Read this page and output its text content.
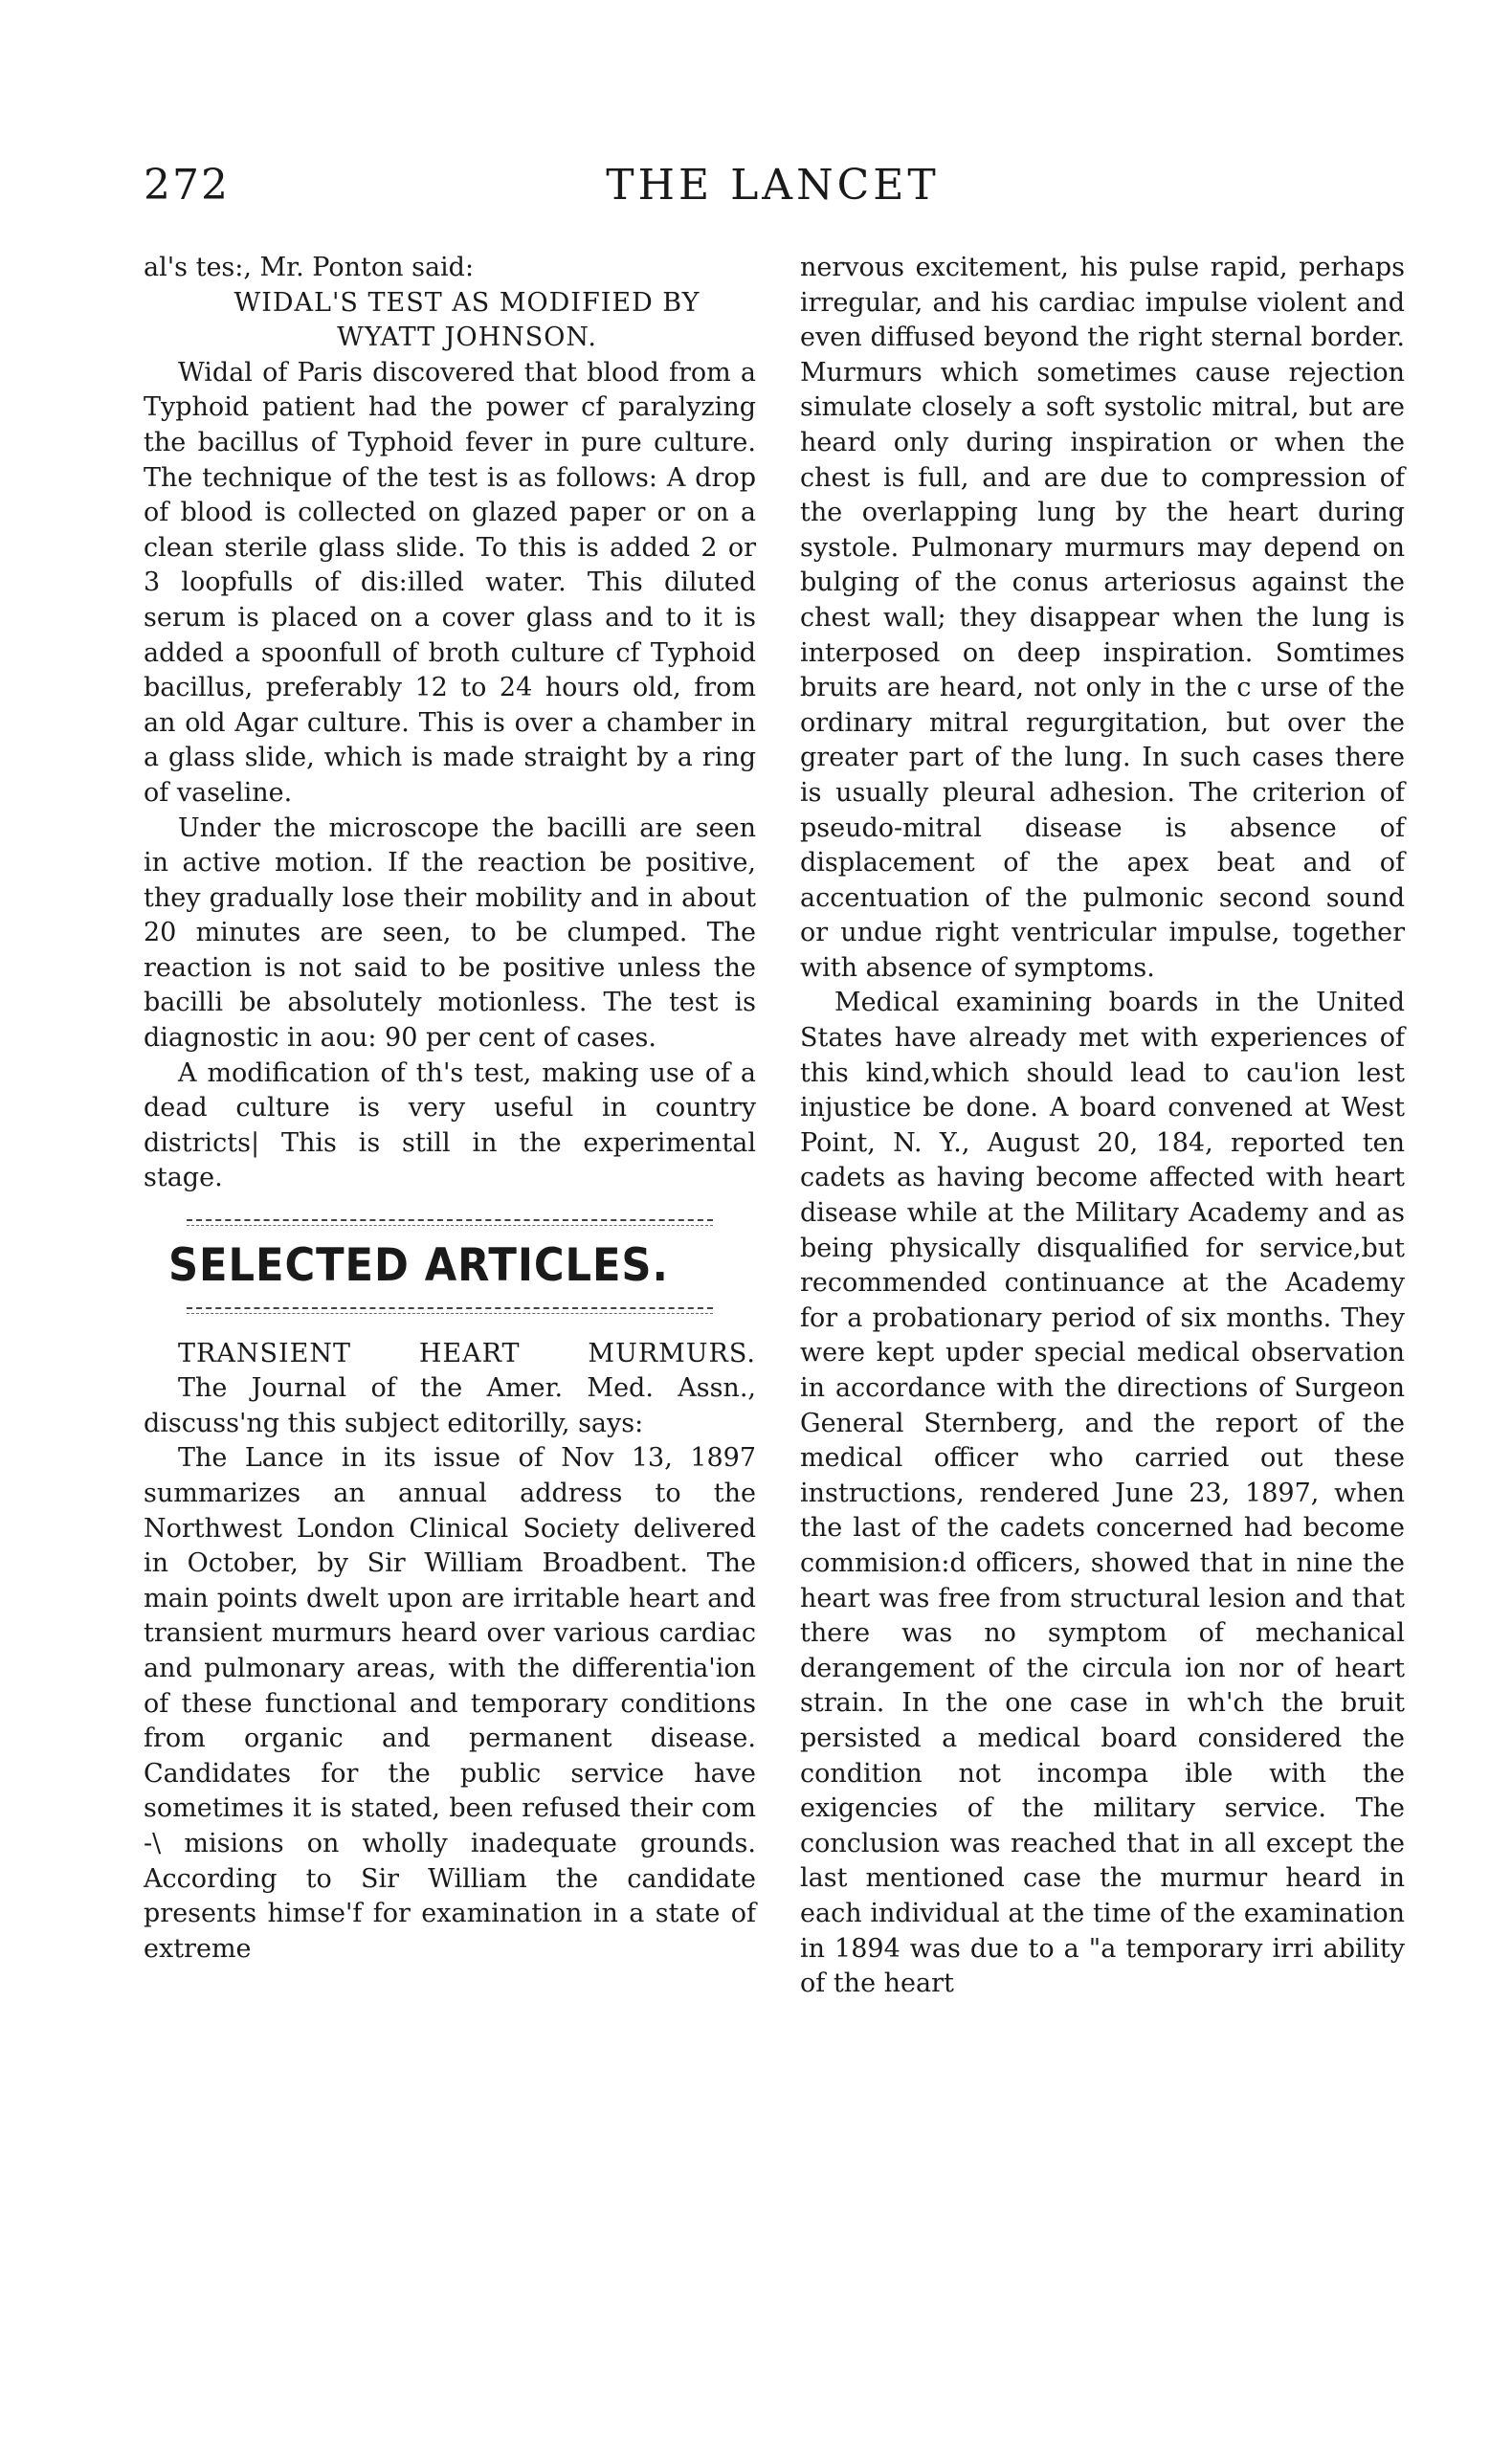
272	THE LANCET

al's tes:, Mr. Ponton said:

WIDAL'S TEST AS MODIFIED BY

WYATT JOHNSON.

Widal of Paris discovered that blood from a Typhoid patient had the power cf paralyzing the bacillus of Typhoid fever in pure culture. The technique of the test is as follows: A drop of blood is collected on glazed paper or on a clean sterile glass slide. To this is added 2 or 3 loopfulls of dis:illed water. This diluted serum is placed on a cover glass and to it is added a spoonfull of broth culture cf Typhoid bacillus, preferably 12 to 24 hours old, from an old Agar culture. This is over a chamber in a glass slide, which is made straight by a ring of vaseline.

Under the microscope the bacilli are seen in active motion. If the reaction be positive, they gradually lose their mobility and in about 20 minutes are seen, to be clumped. The reaction is not said to be positive unless the bacilli be absolutely motionless. The test is diagnostic in aou: 90 per cent of cases.

A modification of th's test, making use of a dead culture is very useful in country districts| This is still in the experimental stage.

SELECTED ARTICLES.

TRANSIENT HEART MURMURS.

The Journal of the Amer. Med. Assn., discuss'ng this subject editorilly, says:

The Lance in its issue of Nov 13, 1897 summarizes an annual address to the Northwest London Clinical Society delivered in October, by Sir William Broadbent. The main points dwelt upon are irritable heart and transient murmurs heard over various cardiac and pulmonary areas, with the differentia'ion of these functional and temporary conditions from organic and permanent disease. Candidates for the public service have sometimes it is stated, been refused their com -\ misions on wholly inadequate grounds. According to Sir William the candidate presents himse'f for examination in a state of extreme

nervous excitement, his pulse rapid, perhaps irregular, and his cardiac impulse violent and even diffused beyond the right sternal border. Murmurs which sometimes cause rejection simulate closely a soft systolic mitral, but are heard only during inspiration or when the chest is full, and are due to compression of the overlapping lung by the heart during systole. Pulmonary murmurs may depend on bulging of the conus arteriosus against the chest wall; they disappear when the lung is interposed on deep inspiration. Somtimes bruits are heard, not only in the c urse of the ordinary mitral regurgitation, but over the greater part of the lung. In such cases there is usually pleural adhesion. The criterion of pseudo-mitral disease is absence of displacement of the apex beat and of accentuation of the pulmonic second sound or undue right ventricular impulse, together with absence of symptoms.

Medical examining boards in the United States have already met with experiences of this kind,which should lead to cau'ion lest injustice be done. A board convened at West Point, N. Y., August 20, 184, reported ten cadets as having become affected with heart disease while at the Military Academy and as being physically disqualified for service,but recommended continuance at the Academy for a probationary period of six months. They were kept upder special medical observation in accordance with the directions of Surgeon General Sternberg, and the report of the medical officer who carried out these instructions, rendered June 23, 1897, when the last of the cadets concerned had become commision:d officers, showed that in nine the heart was free from structural lesion and that there was no symptom of mechanical derangement of the circula ion nor of heart strain. In the one case in wh'ch the bruit persisted a medical board considered the condition not incompa ible with the exigencies of the military service. The conclusion was reached that in all except the last mentioned case the murmur heard in each individual at the time of the examination in 1894 was due to a "a temporary irri ability of the heart
